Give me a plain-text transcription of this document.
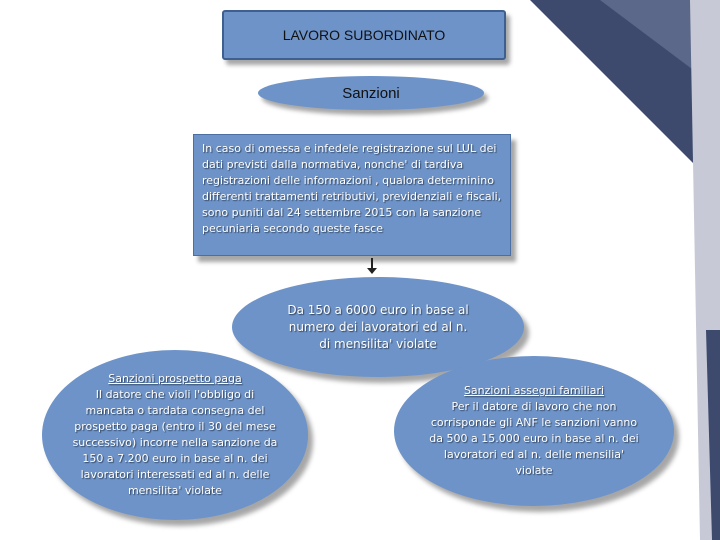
LAVORO SUBORDINATO
Sanzioni
In caso di omessa e infedele registrazione sul LUL dei dati previsti dalla normativa, nonche' di tardiva registrazioni delle informazioni , qualora determinino differenti trattamenti retributivi, previdenziali e fiscali, sono puniti dal 24 settembre 2015 con la sanzione pecuniaria secondo queste fasce
Da 150 a 6000 euro in base al
numero dei lavoratori ed al n.
di mensilita' violate
Sanzioni prospetto paga
Il datore che violi l'obbligo di mancata o tardata consegna del prospetto paga (entro il 30 del mese successivo) incorre nella sanzione da 150 a 7.200 euro in base al n. dei lavoratori interessati ed al n. delle mensilita' violate
Sanzioni assegni familiari
Per il datore di lavoro che non corrisponde gli ANF le sanzioni vanno da 500 a 15.000 euro in base al n. dei lavoratori ed al n. delle mensilia' violate
